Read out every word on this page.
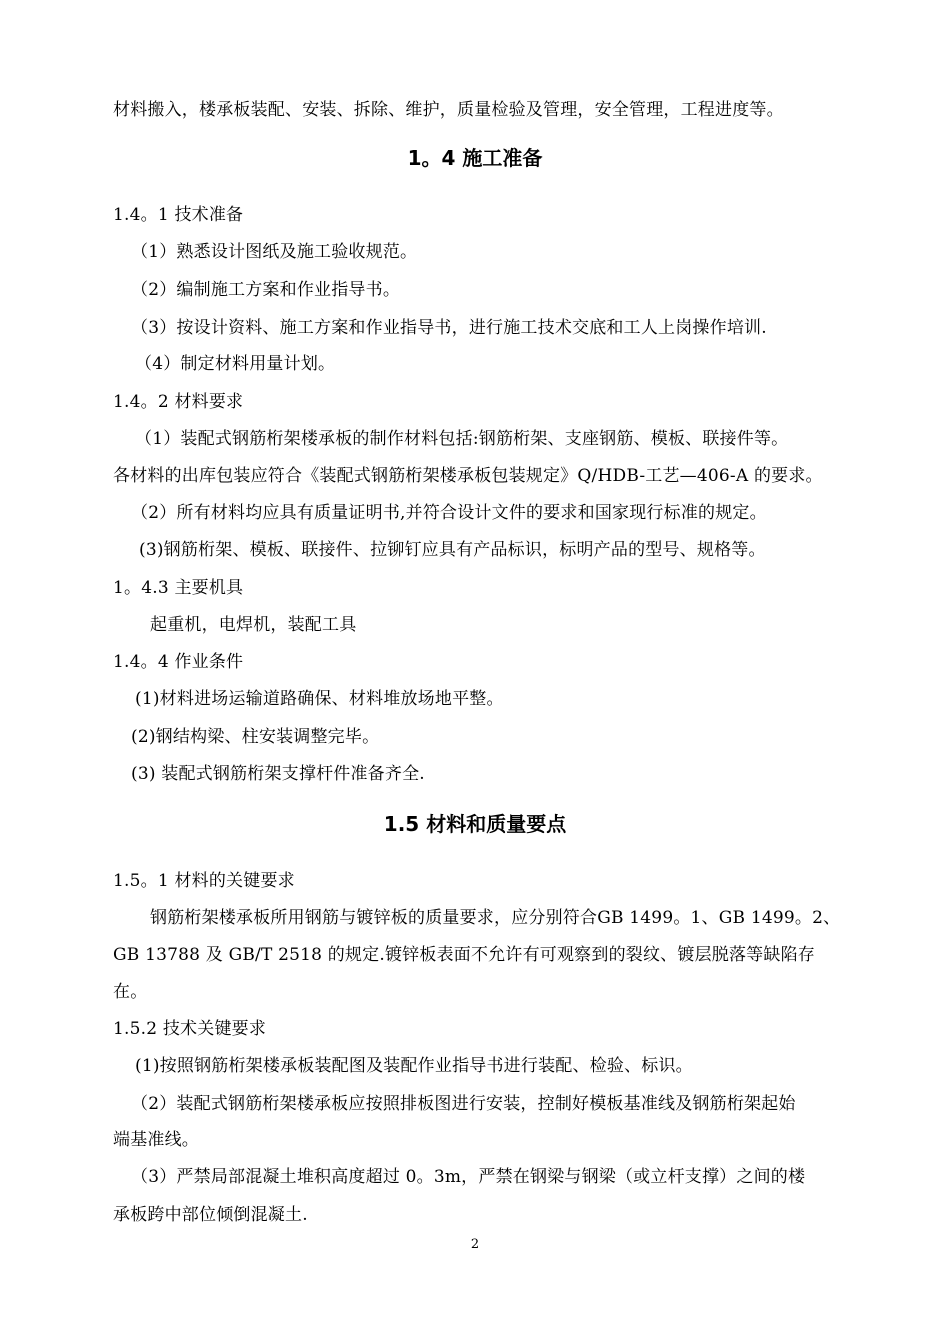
材料搬入，楼承板装配、安装、拆除、维护，质量检验及管理，安全管理，工程进度等。
1。4 施工准备
1.4。1 技术准备
（1）熟悉设计图纸及施工验收规范。
（2）编制施工方案和作业指导书。
（3）按设计资料、施工方案和作业指导书，进行施工技术交底和工人上岗操作培训.
（4）制定材料用量计划。
1.4。2 材料要求
（1）装配式钢筋桁架楼承板的制作材料包括:钢筋桁架、支座钢筋、模板、联接件等。
各材料的出库包装应符合《装配式钢筋桁架楼承板包装规定》Q/HDB-工艺—406-A 的要求。
（2）所有材料均应具有质量证明书,并符合设计文件的要求和国家现行标准的规定。
(3)钢筋桁架、模板、联接件、拉铆钉应具有产品标识，标明产品的型号、规格等。
1。4.3 主要机具
起重机，电焊机，装配工具
1.4。4 作业条件
(1)材料进场运输道路确保、材料堆放场地平整。
(2)钢结构梁、柱安装调整完毕。
(3) 装配式钢筋桁架支撑杆件准备齐全.
1.5 材料和质量要点
1.5。1 材料的关键要求
钢筋桁架楼承板所用钢筋与镀锌板的质量要求，应分别符合GB 1499。1、GB 1499。2、
GB 13788 及 GB/T 2518 的规定.镀锌板表面不允许有可观察到的裂纹、镀层脱落等缺陷存
在。
1.5.2 技术关键要求
(1)按照钢筋桁架楼承板装配图及装配作业指导书进行装配、检验、标识。
（2）装配式钢筋桁架楼承板应按照排板图进行安装，控制好模板基准线及钢筋桁架起始
端基准线。
（3）严禁局部混凝土堆积高度超过 0。3m，严禁在钢梁与钢梁（或立杆支撑）之间的楼
承板跨中部位倾倒混凝土.
2
